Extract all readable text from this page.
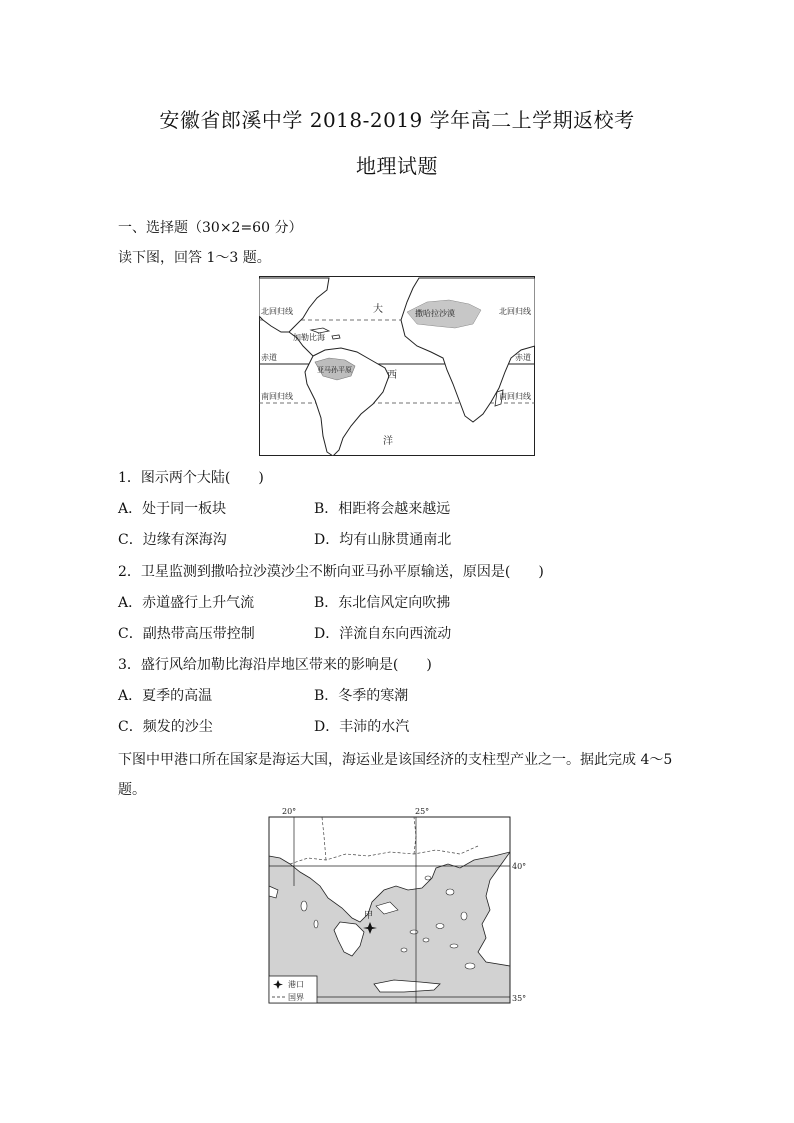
安徽省郎溪中学 2018-2019 学年高二上学期返校考
地理试题
一、选择题（30×2=60 分）
读下图，回答 1～3 题。
北回归线	北回归线
赤道	赤道
南回归线	南回归线
大
西
洋
加勒比海
撒哈拉沙漠
亚马孙平原
1．图示两个大陆(　　)
A．处于同一板块	B．相距将会越来越远
C．边缘有深海沟	D．均有山脉贯通南北
2．卫星监测到撒哈拉沙漠沙尘不断向亚马孙平原输送，原因是(　　)
A．赤道盛行上升气流	B．东北信风定向吹拂
C．副热带高压带控制	D．洋流自东向西流动
3．盛行风给加勒比海沿岸地区带来的影响是(　　)
A．夏季的高温	B．冬季的寒潮
C．频发的沙尘	D．丰沛的水汽
下图中甲港口所在国家是海运大国，海运业是该国经济的支柱型产业之一。据此完成 4～5
题。
甲
20°	25°
40°
35°
港口
国界
